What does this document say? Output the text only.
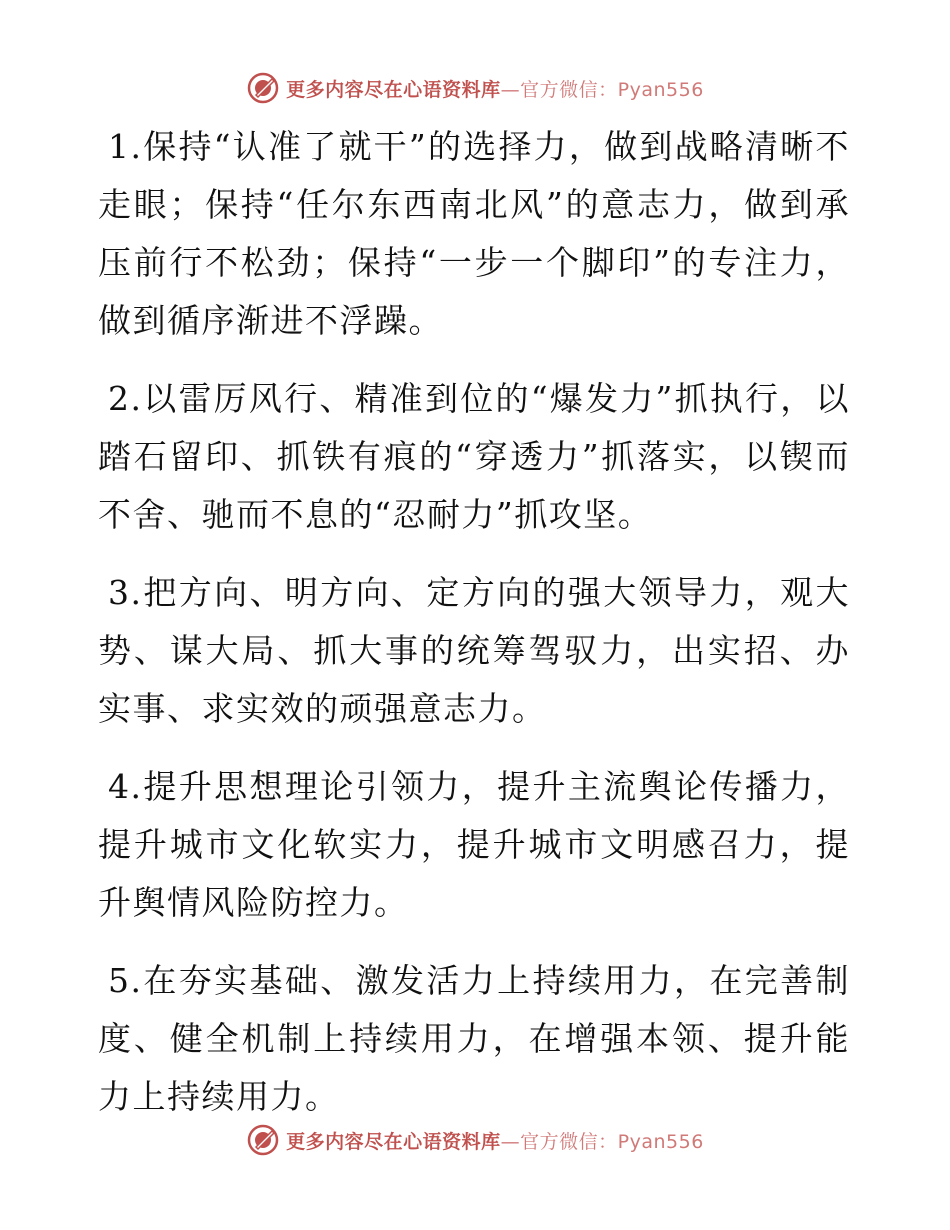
更多内容尽在心语资料库—官方微信：Pyan556

1.保持“认准了就干”的选择力，做到战略清晰不走眼；保持“任尔东西南北风”的意志力，做到承压前行不松劲；保持“一步一个脚印”的专注力，做到循序渐进不浮躁。

2.以雷厉风行、精准到位的“爆发力”抓执行，以踏石留印、抓铁有痕的“穿透力”抓落实，以锲而不舍、驰而不息的“忍耐力”抓攻坚。

3.把方向、明方向、定方向的强大领导力，观大势、谋大局、抓大事的统筹驾驭力，出实招、办实事、求实效的顽强意志力。

4.提升思想理论引领力，提升主流舆论传播力，提升城市文化软实力，提升城市文明感召力，提升舆情风险防控力。

5.在夯实基础、激发活力上持续用力，在完善制度、健全机制上持续用力，在增强本领、提升能力上持续用力。

更多内容尽在心语资料库—官方微信：Pyan556
